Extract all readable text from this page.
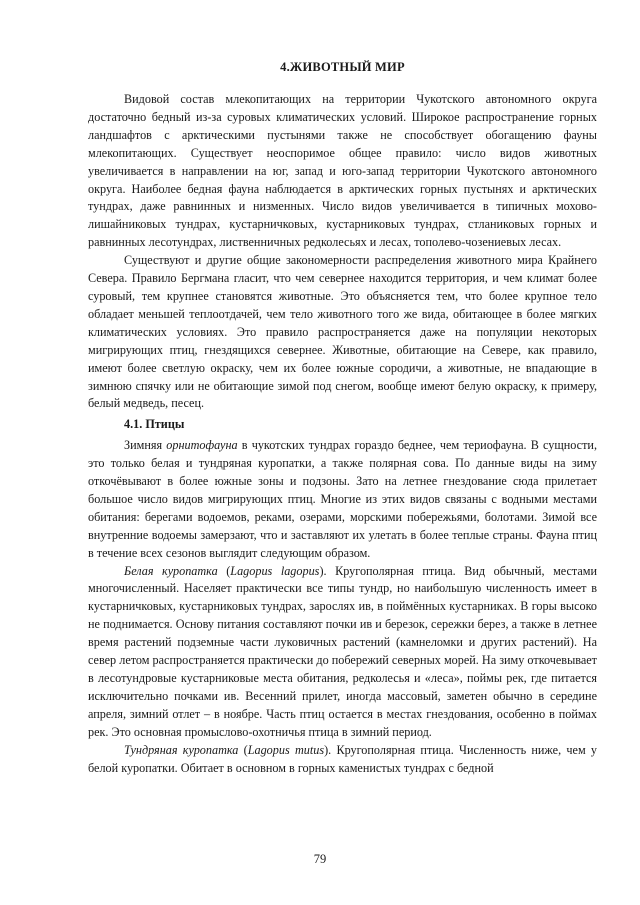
4.ЖИВОТНЫЙ МИР

Видовой состав млекопитающих на территории Чукотского автономного округа достаточно бедный из-за суровых климатических условий. Широкое распространение горных ландшафтов с арктическими пустынями также не способствует обогащению фауны млекопитающих. Существует неоспоримое общее правило: число видов животных увеличивается в направлении на юг, запад и юго-запад территории Чукотского автономного округа. Наиболее бедная фауна наблюдается в арктических горных пустынях и арктических тундрах, даже равнинных и низменных. Число видов увеличивается в типичных мохово-лишайниковых тундрах, кустарничковых, кустарниковых тундрах, стланиковых горных и равнинных лесотундрах, лиственничных редколесьях и лесах, тополево-чозениевых лесах.

Существуют и другие общие закономерности распределения животного мира Крайнего Севера. Правило Бергмана гласит, что чем севернее находится территория, и чем климат более суровый, тем крупнее становятся животные. Это объясняется тем, что более крупное тело обладает меньшей теплоотдачей, чем тело животного того же вида, обитающее в более мягких климатических условиях. Это правило распространяется даже на популяции некоторых мигрирующих птиц, гнездящихся севернее. Животные, обитающие на Севере, как правило, имеют более светлую окраску, чем их более южные сородичи, а животные, не впадающие в зимнюю спячку или не обитающие зимой под снегом, вообще имеют белую окраску, к примеру, белый медведь, песец.

4.1. Птицы

Зимняя орнитофауна в чукотских тундрах гораздо беднее, чем териофауна. В сущности, это только белая и тундряная куропатки, а также полярная сова. По данные виды на зиму откочёвывают в более южные зоны и подзоны. Зато на летнее гнездование сюда прилетает большое число видов мигрирующих птиц. Многие из этих видов связаны с водными местами обитания: берегами водоемов, реками, озерами, морскими побережьями, болотами. Зимой все внутренние водоемы замерзают, что и заставляют их улетать в более теплые страны. Фауна птиц в течение всех сезонов выглядит следующим образом.

Белая куропатка (Lagopus lagopus). Кругополярная птица. Вид обычный, местами многочисленный. Населяет практически все типы тундр, но наибольшую численность имеет в кустарничковых, кустарниковых тундрах, зарослях ив, в поймённых кустарниках. В горы высоко не поднимается. Основу питания составляют почки ив и березок, сережки берез, а также в летнее время растений подземные части луковичных растений (камнеломки и других растений). На север летом распространяется практически до побережий северных морей. На зиму откочевывает в лесотундровые кустарниковые места обитания, редколесья и «леса», поймы рек, где питается исключительно почками ив. Весенний прилет, иногда массовый, заметен обычно в середине апреля, зимний отлет – в ноябре. Часть птиц остается в местах гнездования, особенно в поймах рек. Это основная промыслово-охотничья птица в зимний период.

Тундряная куропатка (Lagopus mutus). Кругополярная птица. Численность ниже, чем у белой куропатки. Обитает в основном в горных каменистых тундрах с бедной

79
